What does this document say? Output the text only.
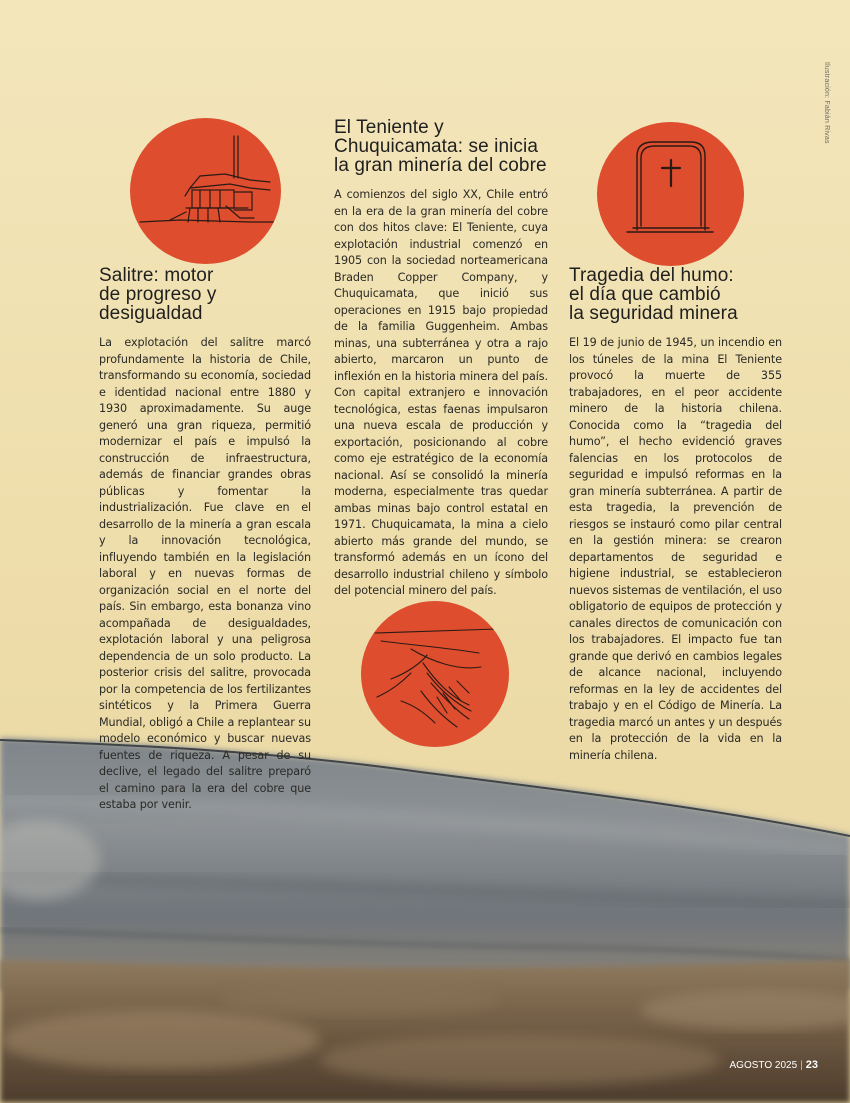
Ilustración: Fabián Rivas
Salitre: motor
de progreso y
desigualdad

La explotación del salitre marcó profundamente la historia de Chile, transformando su economía, sociedad e identidad nacional entre 1880 y 1930 aproximadamente. Su auge generó una gran riqueza, permitió modernizar el país e impulsó la construcción de infraestructura, además de financiar grandes obras públicas y fomentar la industrialización. Fue clave en el desarrollo de la minería a gran escala y la innovación tecnológica, influyendo también en la legislación laboral y en nuevas formas de organización social en el norte del país. Sin embargo, esta bonanza vino acompañada de desigualdades, explotación laboral y una peligrosa dependencia de un solo producto. La posterior crisis del salitre, provocada por la competencia de los fertilizantes sintéticos y la Primera Guerra Mundial, obligó a Chile a replantear su modelo económico y buscar nuevas fuentes de riqueza. A pesar de su declive, el legado del salitre preparó el camino para la era del cobre que estaba por venir.

El Teniente y
Chuquicamata: se inicia
la gran minería del cobre

A comienzos del siglo XX, Chile entró en la era de la gran minería del cobre con dos hitos clave: El Teniente, cuya explotación industrial comenzó en 1905 con la sociedad norteamericana Braden Copper Company, y Chuquicamata, que inició sus operaciones en 1915 bajo propiedad de la familia Guggenheim. Ambas minas, una subterránea y otra a rajo abierto, marcaron un punto de inflexión en la historia minera del país. Con capital extranjero e innovación tecnológica, estas faenas impulsaron una nueva escala de producción y exportación, posicionando al cobre como eje estratégico de la economía nacional. Así se consolidó la minería moderna, especialmente tras quedar ambas minas bajo control estatal en 1971. Chuquicamata, la mina a cielo abierto más grande del mundo, se transformó además en un ícono del desarrollo industrial chileno y símbolo del potencial minero del país.

Tragedia del humo:
el día que cambió
la seguridad minera

El 19 de junio de 1945, un incendio en los túneles de la mina El Teniente provocó la muerte de 355 trabajadores, en el peor accidente minero de la historia chilena. Conocida como la “tragedia del humo”, el hecho evidenció graves falencias en los protocolos de seguridad e impulsó reformas en la gran minería subterránea. A partir de esta tragedia, la prevención de riesgos se instauró como pilar central en la gestión minera: se crearon departamentos de seguridad e higiene industrial, se establecieron nuevos sistemas de ventilación, el uso obligatorio de equipos de protección y canales directos de comunicación con los trabajadores. El impacto fue tan grande que derivó en cambios legales de alcance nacional, incluyendo reformas en la ley de accidentes del trabajo y en el Código de Minería. La tragedia marcó un antes y un después en la protección de la vida en la minería chilena.

AGOSTO 2025 | 23
